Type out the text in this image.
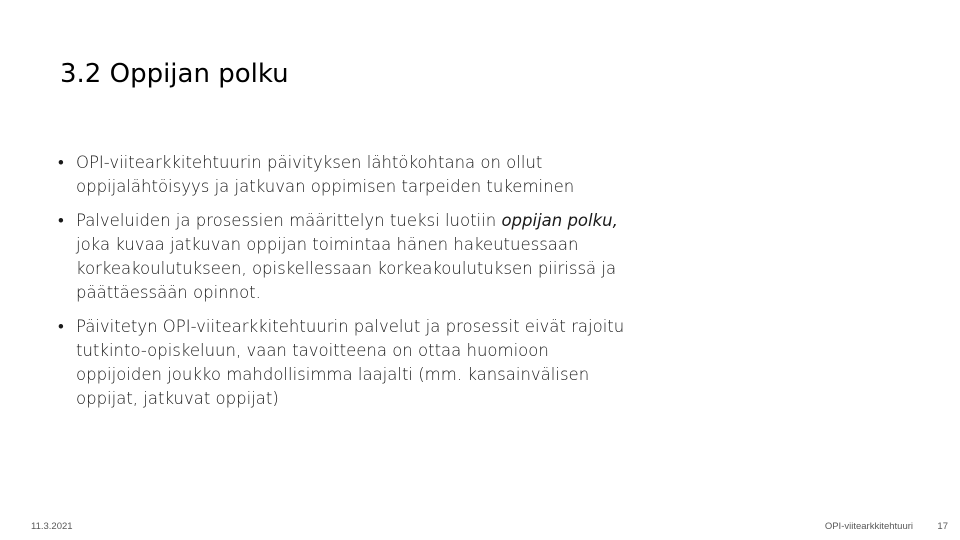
3.2 Oppijan polku
• OPI-viitearkkitehtuurin päivityksen lähtökohtana on ollut oppijalähtöisyys ja jatkuvan oppimisen tarpeiden tukeminen
• Palveluiden ja prosessien määrittelyn tueksi luotiin oppijan polku, joka kuvaa jatkuvan oppijan toimintaa hänen hakeutuessaan korkeakoulutukseen, opiskellessaan korkeakoulutuksen piirissä ja päättäessään opinnot.
• Päivitetyn OPI-viitearkkitehtuurin palvelut ja prosessit eivät rajoitu tutkinto-opiskeluun, vaan tavoitteena on ottaa huomioon oppijoiden joukko mahdollisimma laajalti (mm. kansainvälisen oppijat, jatkuvat oppijat)
11.3.2021	OPI-viitearkkitehtuuri	17
